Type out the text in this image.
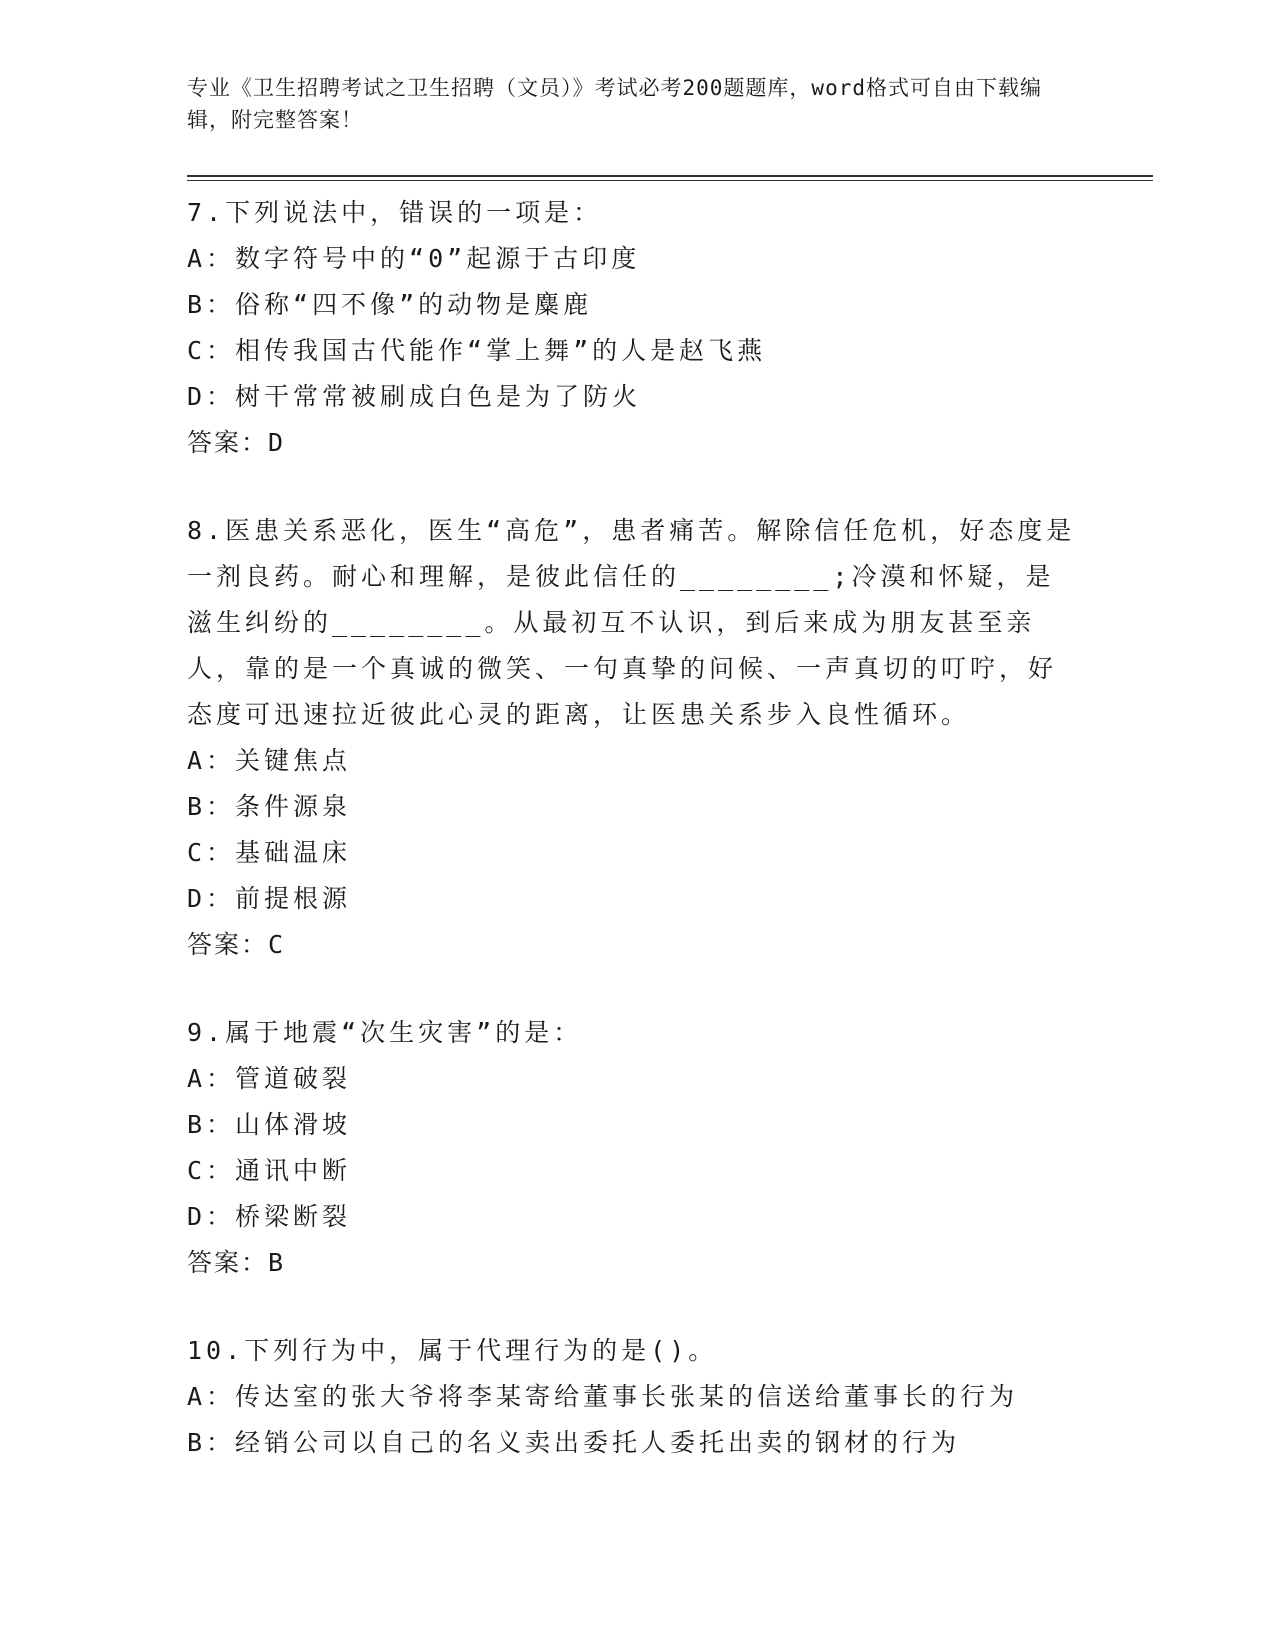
专业《卫生招聘考试之卫生招聘（文员）》考试必考200题题库，word格式可自由下载编辑，附完整答案！
7.下列说法中，错误的一项是：
A：数字符号中的“0”起源于古印度
B：俗称“四不像”的动物是麋鹿
C：相传我国古代能作“掌上舞”的人是赵飞燕
D：树干常常被刷成白色是为了防火
答案：D
8.医患关系恶化，医生“高危”，患者痛苦。解除信任危机，好态度是一剂良药。耐心和理解，是彼此信任的________;冷漠和怀疑，是滋生纠纷的________。从最初互不认识，到后来成为朋友甚至亲人，靠的是一个真诚的微笑、一句真挚的问候、一声真切的叮咛，好态度可迅速拉近彼此心灵的距离，让医患关系步入良性循环。
A：关键焦点
B：条件源泉
C：基础温床
D：前提根源
答案：C
9.属于地震“次生灾害”的是：
A：管道破裂
B：山体滑坡
C：通讯中断
D：桥梁断裂
答案：B
10.下列行为中，属于代理行为的是()。
A：传达室的张大爷将李某寄给董事长张某的信送给董事长的行为
B：经销公司以自己的名义卖出委托人委托出卖的钢材的行为
